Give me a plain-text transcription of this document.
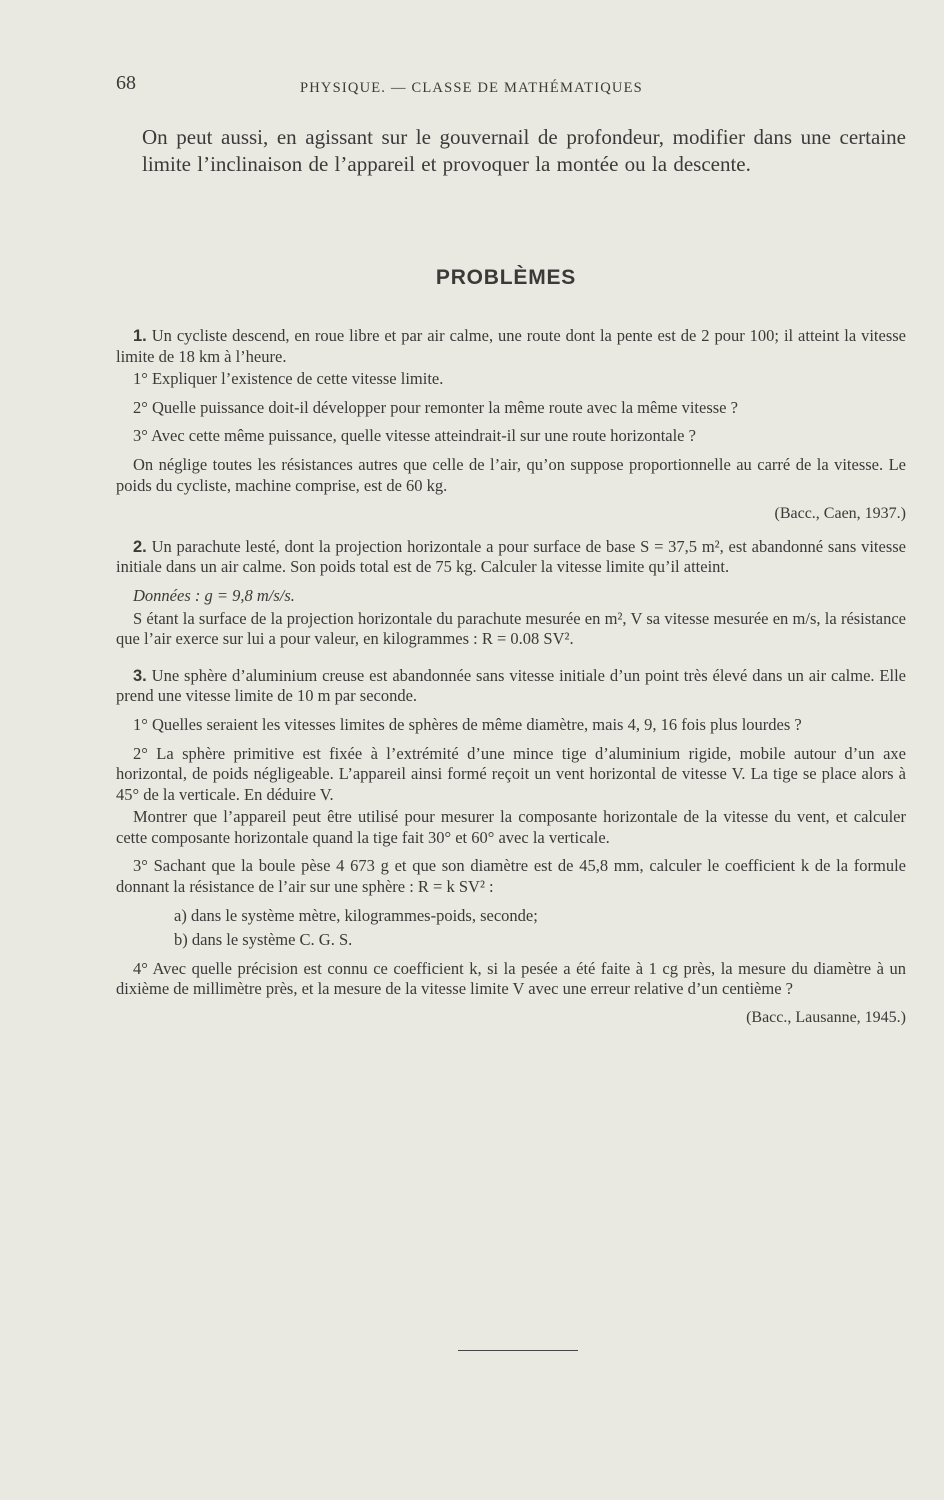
68	PHYSIQUE. — CLASSE DE MATHÉMATIQUES

On peut aussi, en agissant sur le gouvernail de profondeur, modifier dans une certaine limite l’inclinaison de l’appareil et provoquer la montée ou la descente.

PROBLÈMES

1. Un cycliste descend, en roue libre et par air calme, une route dont la pente est de 2 pour 100; il atteint la vitesse limite de 18 km à l’heure.

1° Expliquer l’existence de cette vitesse limite.

2° Quelle puissance doit-il développer pour remonter la même route avec la même vitesse ?

3° Avec cette même puissance, quelle vitesse atteindrait-il sur une route horizontale ?

On néglige toutes les résistances autres que celle de l’air, qu’on suppose proportionnelle au carré de la vitesse. Le poids du cycliste, machine comprise, est de 60 kg.

(Bacc., Caen, 1937.)

2. Un parachute lesté, dont la projection horizontale a pour surface de base S = 37,5 m², est abandonné sans vitesse initiale dans un air calme. Son poids total est de 75 kg. Calculer la vitesse limite qu’il atteint.

Données : g = 9,8 m/s/s.

S étant la surface de la projection horizontale du parachute mesurée en m², V sa vitesse mesurée en m/s, la résistance que l’air exerce sur lui a pour valeur, en kilogrammes : R = 0.08 SV².

3. Une sphère d’aluminium creuse est abandonnée sans vitesse initiale d’un point très élevé dans un air calme. Elle prend une vitesse limite de 10 m par seconde.

1° Quelles seraient les vitesses limites de sphères de même diamètre, mais 4, 9, 16 fois plus lourdes ?

2° La sphère primitive est fixée à l’extrémité d’une mince tige d’aluminium rigide, mobile autour d’un axe horizontal, de poids négligeable. L’appareil ainsi formé reçoit un vent horizontal de vitesse V. La tige se place alors à 45° de la verticale. En déduire V.

Montrer que l’appareil peut être utilisé pour mesurer la composante horizontale de la vitesse du vent, et calculer cette composante horizontale quand la tige fait 30° et 60° avec la verticale.

3° Sachant que la boule pèse 4 673 g et que son diamètre est de 45,8 mm, calculer le coefficient k de la formule donnant la résistance de l’air sur une sphère : R = k SV² :

a) dans le système mètre, kilogrammes-poids, seconde;

b) dans le système C. G. S.

4° Avec quelle précision est connu ce coefficient k, si la pesée a été faite à 1 cg près, la mesure du diamètre à un dixième de millimètre près, et la mesure de la vitesse limite V avec une erreur relative d’un centième ?

(Bacc., Lausanne, 1945.)
